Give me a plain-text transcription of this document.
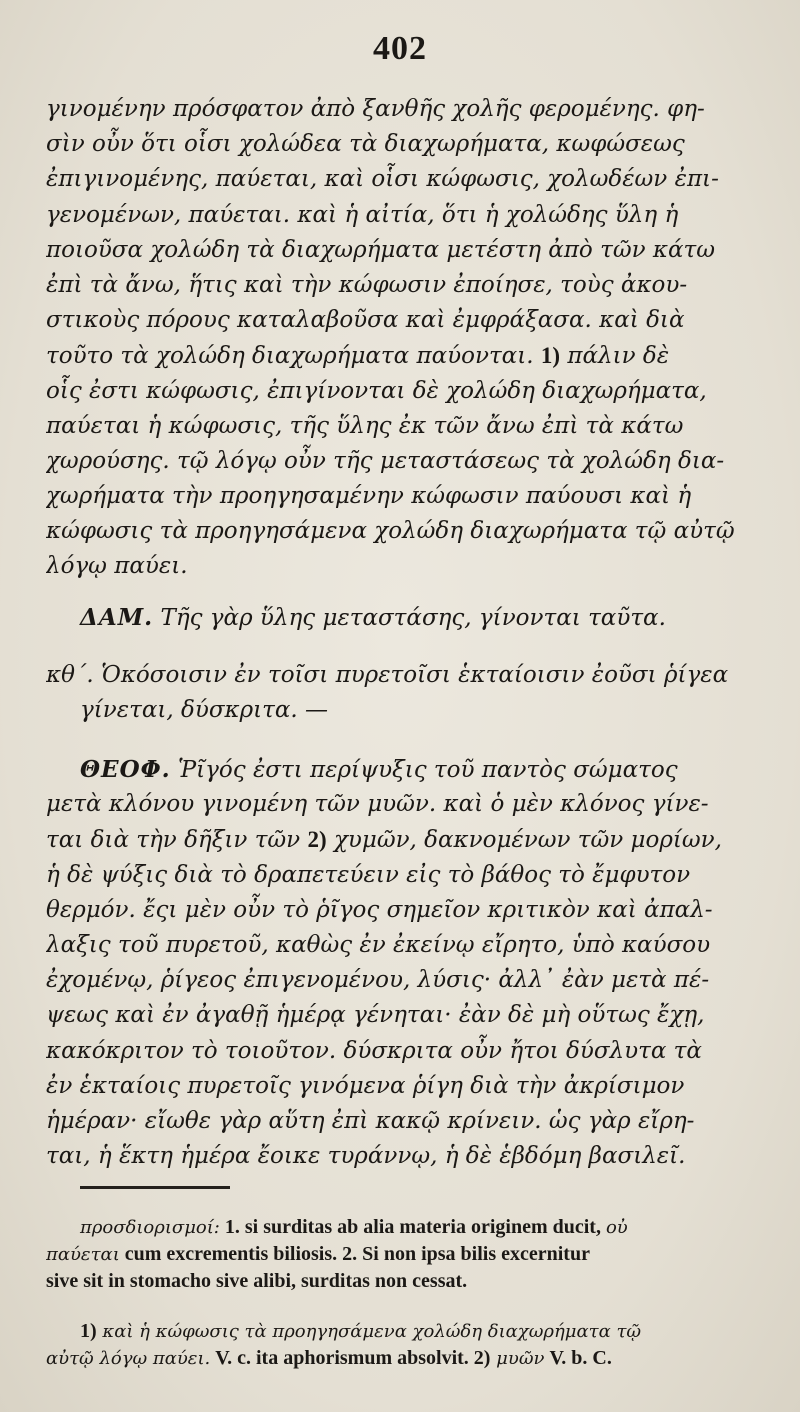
402
γινομένην πρόσφατον ἀπὸ ξανθῆς χολῆς φερομένης. φη-
σὶν οὖν ὅτι οἷσι χολώδεα τὰ διαχωρήματα, κωφώσεως
ἐπιγινομένης, παύεται, καὶ οἷσι κώφωσις, χολωδέων ἐπι-
γενομένων, παύεται. καὶ ἡ αἰτία, ὅτι ἡ χολώδης ὕλη ἡ
ποιοῦσα χολώδη τὰ διαχωρήματα μετέστη ἀπὸ τῶν κάτω
ἐπὶ τὰ ἄνω, ἥτις καὶ τὴν κώφωσιν ἐποίησε, τοὺς ἀκου-
στικοὺς πόρους καταλαβοῦσα καὶ ἐμφράξασα. καὶ διὰ
τοῦτο τὰ χολώδη διαχωρήματα παύονται. 1) πάλιν δὲ
οἷς ἐστι κώφωσις, ἐπιγίνονται δὲ χολώδη διαχωρήματα,
παύεται ἡ κώφωσις, τῆς ὕλης ἐκ τῶν ἄνω ἐπὶ τὰ κάτω
χωρούσης. τῷ λόγῳ οὖν τῆς μεταστάσεως τὰ χολώδη δια-
χωρήματα τὴν προηγησαμένην κώφωσιν παύουσι καὶ ἡ
κώφωσις τὰ προηγησάμενα χολώδη διαχωρήματα τῷ αὐτῷ
λόγῳ παύει.
ΔΑΜ. Τῆς γὰρ ὕλης μεταστάσης, γίνονται ταῦτα.
κθ΄. Ὁκόσοισιν ἐν τοῖσι πυρετοῖσι ἑκταίοισιν ἐοῦσι ῥίγεα
γίνεται, δύσκριτα. —
ΘΕΟΦ. Ῥῖγός ἐστι περίψυξις τοῦ παντὸς σώματος
μετὰ κλόνου γινομένη τῶν μυῶν. καὶ ὁ μὲν κλόνος γίνε-
ται διὰ τὴν δῆξιν τῶν 2) χυμῶν, δακνομένων τῶν μορίων,
ἡ δὲ ψύξις διὰ τὸ δραπετεύειν εἰς τὸ βάθος τὸ ἔμφυτον
θερμόν. ἔςι μὲν οὖν τὸ ῥῖγος σημεῖον κριτικὸν καὶ ἀπαλ-
λαξις τοῦ πυρετοῦ, καθὼς ἐν ἐκείνῳ εἴρητο, ὑπὸ καύσου
ἐχομένῳ, ῥίγεος ἐπιγενομένου, λύσις· ἀλλ᾽ ἐὰν μετὰ πέ-
ψεως καὶ ἐν ἀγαθῇ ἡμέρᾳ γένηται· ἐὰν δὲ μὴ οὕτως ἔχῃ,
κακόκριτον τὸ τοιοῦτον. δύσκριτα οὖν ἤτοι δύσλυτα τὰ
ἐν ἑκταίοις πυρετοῖς γινόμενα ῥίγη διὰ τὴν ἀκρίσιμον
ἡμέραν· εἴωθε γὰρ αὕτη ἐπὶ κακῷ κρίνειν. ὡς γὰρ εἴρη-
ται, ἡ ἕκτη ἡμέρα ἔοικε τυράννῳ, ἡ δὲ ἑβδόμη βασιλεῖ.
προσδιορισμοί: 1. si surditas ab alia materia originem ducit, οὐ
παύεται cum excrementis biliosis. 2. Si non ipsa bilis excernitur
sive sit in stomacho sive alibi, surditas non cessat.
1) καὶ ἡ κώφωσις τὰ προηγησάμενα χολώδη διαχωρήματα τῷ
αὐτῷ λόγῳ παύει. V. c. ita aphorismum absolvit. 2) μυῶν V. b. C.
